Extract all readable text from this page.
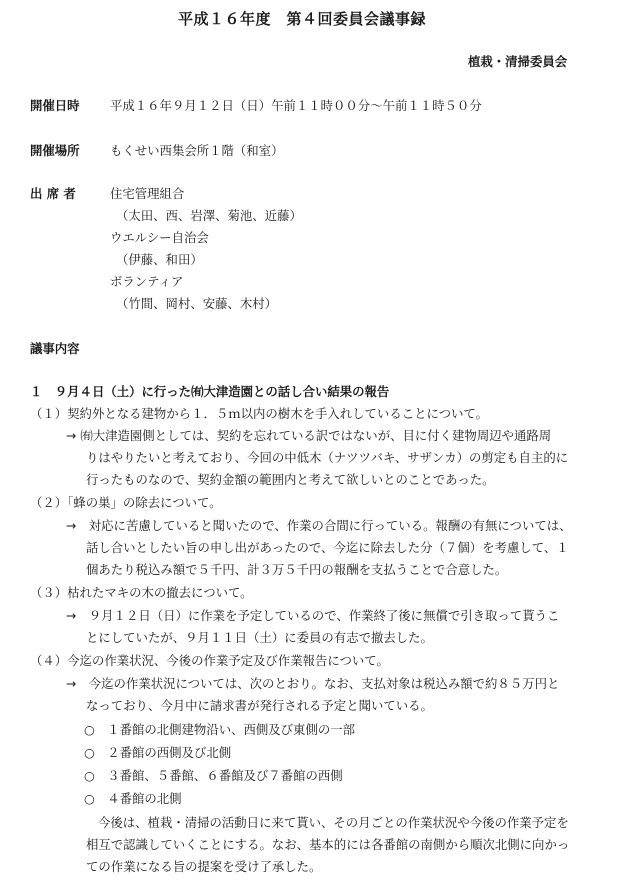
平成１６年度　第４回委員会議事録
植栽・清掃委員会
開催日時 平成１６年９月１２日（日）午前１１時００分～午前１１時５０分
開催場所 もくせい西集会所１階（和室）
出 席 者	住宅管理組合
（太田、西、岩澤、菊池、近藤）
ウエルシー自治会
（伊藤、和田）
ボランティア
（竹間、岡村、安藤、木村）
議事内容
１　９月４日（土）に行った㈲大津造園との話し合い結果の報告
（１）契約外となる建物から１．５ｍ以内の樹木を手入れしていることについて。
→ ㈲大津造園側としては、契約を忘れている訳ではないが、目に付く建物周辺や通路周
りはやりたいと考えており、今回の中低木（ナツツバキ、サザンカ）の剪定も自主的に
行ったものなので、契約金額の範囲内と考えて欲しいとのことであった。
（２）「蜂の巣」の除去について。
→　対応に苦慮していると聞いたので、作業の合間に行っている。報酬の有無については、
話し合いとしたい旨の申し出があったので、今迄に除去した分（７個）を考慮して、１
個あたり税込み額で５千円、計３万５千円の報酬を支払うことで合意した。
（３）枯れたマキの木の撤去について。
→　９月１２日（日）に作業を予定しているので、作業終了後に無償で引き取って貰うこ
とにしていたが、９月１１日（土）に委員の有志で撤去した。
（４）今迄の作業状況、今後の作業予定及び作業報告について。
→　今迄の作業状況については、次のとおり。なお、支払対象は税込み額で約８５万円と
なっており、今月中に請求書が発行される予定と聞いている。
○　１番館の北側建物沿い、西側及び東側の一部
○　２番館の西側及び北側
○　３番館、５番館、６番館及び７番館の西側
○　４番館の北側
今後は、植栽・清掃の活動日に来て貰い、その月ごとの作業状況や今後の作業予定を
相互で認識していくことにする。なお、基本的には各番館の南側から順次北側に向かっ
ての作業になる旨の提案を受け了承した。
